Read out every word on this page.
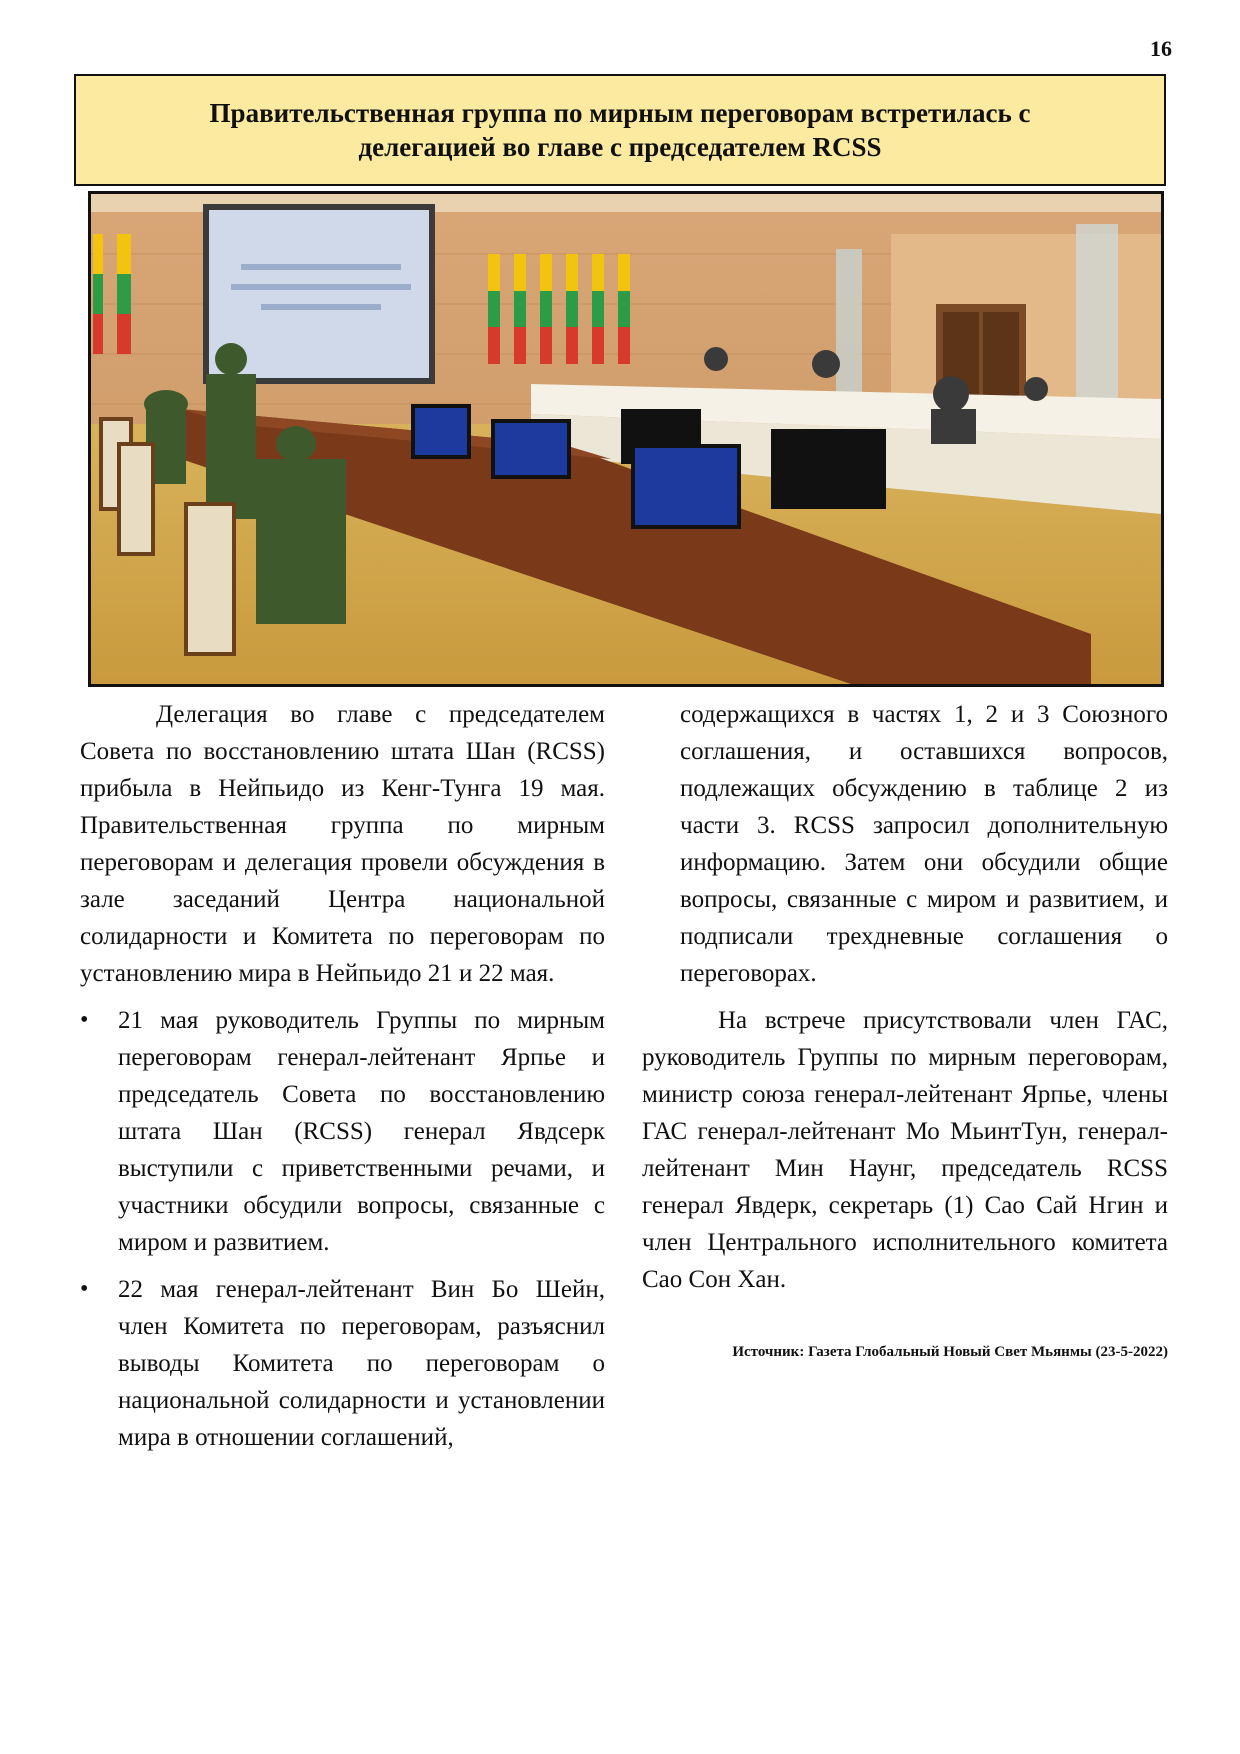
16
Правительственная группа по мирным переговорам встретилась с
делегацией во главе с председателем RCSS

Делегация во главе с председателем Совета по восстановлению штата Шан (RCSS) прибыла в Нейпьидо из Кенг-Тунга 19 мая. Правительственная группа по мирным переговорам и делегация провели обсуждения в зале заседаний Центра национальной солидарности и Комитета по переговорам по установлению мира в Нейпьидо 21 и 22 мая.

• 21 мая руководитель Группы по мирным переговорам генерал-лейтенант Ярпье и председатель Совета по восстановлению штата Шан (RCSS) генерал Явдсерк выступили с приветственными речами, и участники обсудили вопросы, связанные с миром и развитием.
• 22 мая генерал-лейтенант Вин Бо Шейн, член Комитета по переговорам, разъяснил выводы Комитета по переговорам о национальной солидарности и установлении мира в отношении соглашений,

содержащихся в частях 1, 2 и 3 Союзного соглашения, и оставшихся вопросов, подлежащих обсуждению в таблице 2 из части 3. RCSS запросил дополнительную информацию. Затем они обсудили общие вопросы, связанные с миром и развитием, и подписали трехдневные соглашения о переговорах.

На встрече присутствовали член ГАС, руководитель Группы по мирным переговорам, министр союза генерал-лейтенант Ярпье, члены ГАС генерал-лейтенант Мо МьинтТун, генерал-лейтенант Мин Наунг, председатель RCSS генерал Явдерк, секретарь (1) Сао Сай Нгин и член Центрального исполнительного комитета Сао Сон Хан.

Источник: Газета Глобальный Новый Свет Мьянмы (23-5-2022)
